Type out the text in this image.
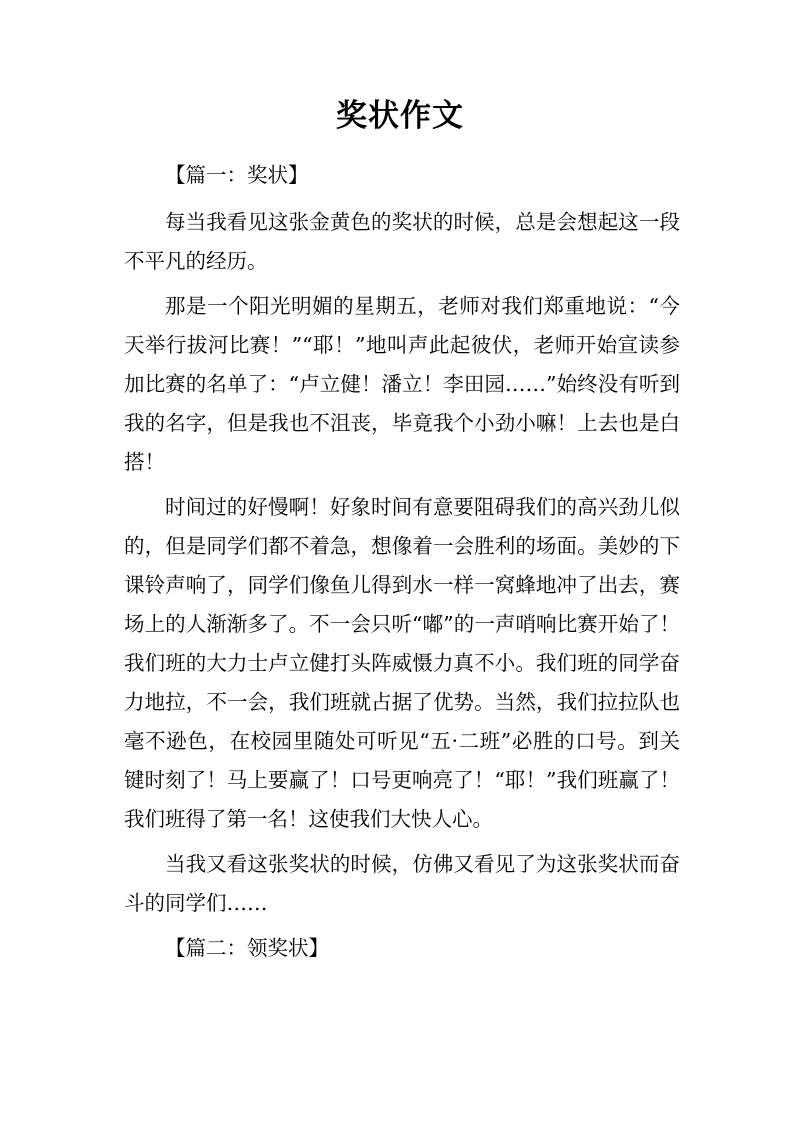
奖状作文

【篇一：奖状】

每当我看见这张金黄色的奖状的时候，总是会想起这一段不平凡的经历。

那是一个阳光明媚的星期五，老师对我们郑重地说：“今天举行拔河比赛！”“耶！”地叫声此起彼伏，老师开始宣读参加比赛的名单了：“卢立健！潘立！李田园……”始终没有听到我的名字，但是我也不沮丧，毕竟我个小劲小嘛！上去也是白搭！

时间过的好慢啊！好象时间有意要阻碍我们的高兴劲儿似的，但是同学们都不着急，想像着一会胜利的场面。美妙的下课铃声响了，同学们像鱼儿得到水一样一窝蜂地冲了出去，赛场上的人渐渐多了。不一会只听“嘟”的一声哨响比赛开始了！我们班的大力士卢立健打头阵威慑力真不小。我们班的同学奋力地拉，不一会，我们班就占据了优势。当然，我们拉拉队也毫不逊色，在校园里随处可听见“五·二班”必胜的口号。到关键时刻了！马上要赢了！口号更响亮了！“耶！”我们班赢了！我们班得了第一名！这使我们大快人心。

当我又看这张奖状的时候，仿佛又看见了为这张奖状而奋斗的同学们……

【篇二：领奖状】
